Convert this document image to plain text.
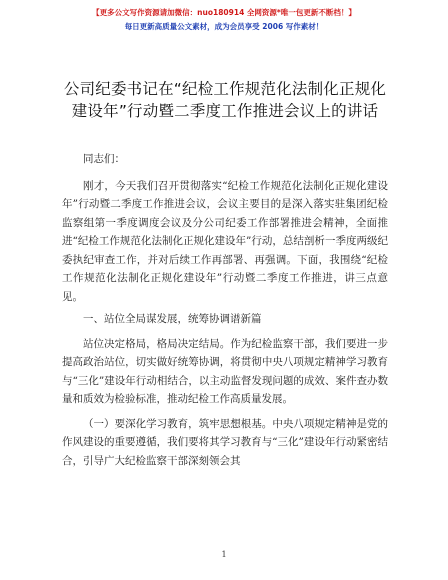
【更多公文写作资源请加微信：nuo180914 全网资源*唯一包更新不断档！】
每日更新高质量公文素材，成为会员享受 2006 写作素材！
公司纪委书记在“纪检工作规范化法制化正规化建设年”行动暨二季度工作推进会议上的讲话

同志们：

刚才，今天我们召开贯彻落实“纪检工作规范化法制化正规化建设年”行动暨二季度工作推进会议，会议主要目的是深入落实驻集团纪检监察组第一季度调度会议及分公司纪委工作部署推进会精神，全面推进“纪检工作规范化法制化正规化建设年”行动，总结剖析一季度两级纪委执纪审查工作，并对后续工作再部署、再强调。下面，我围绕“纪检工作规范化法制化正规化建设年”行动暨二季度工作推进，讲三点意见。

一、站位全局谋发展，统筹协调谱新篇

站位决定格局，格局决定结局。作为纪检监察干部，我们要进一步提高政治站位，切实做好统筹协调，将贯彻中央八项规定精神学习教育与“三化”建设年行动相结合，以主动监督发现问题的成效、案件查办数量和质效为检验标准，推动纪检工作高质量发展。

（一）要深化学习教育，筑牢思想根基。中央八项规定精神是党的作风建设的重要遵循，我们要将其学习教育与“三化”建设年行动紧密结合，引导广大纪检监察干部深刻领会其

1
